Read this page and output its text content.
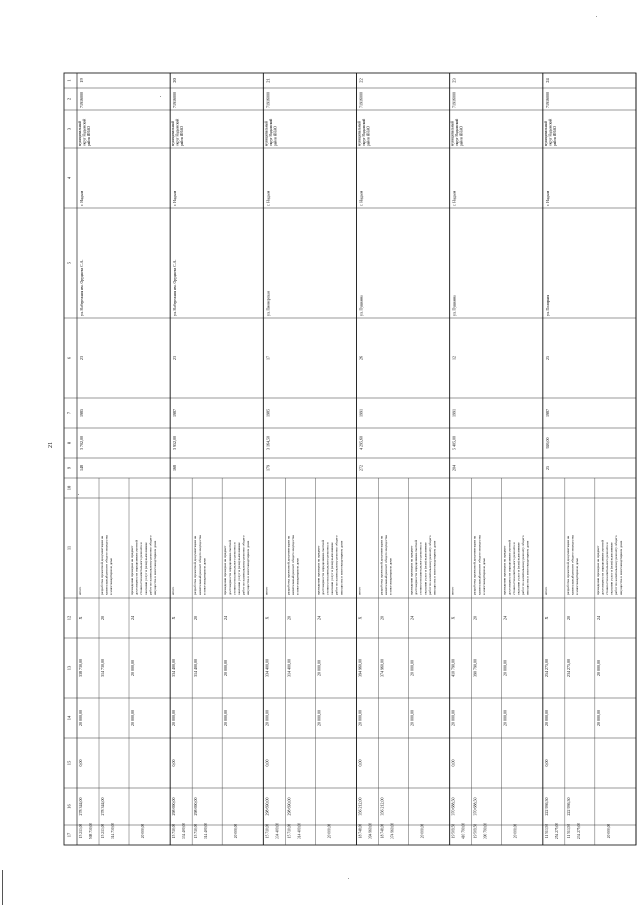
21
1
2
3
4
5
6
7
8
9
10
11
12
13
14
15
16
17
19
71916000
муниципальный округ Надымский район ЯНАО
г. Надым
ул. Набережная им. Оруджева С.А.
23
1985
3 702,00
148
итого
Х
338 730,00
20 000,00
0,00
278 344,00
15 213,00 508 730,00
разработка проектной документации на капитальный ремонт общего имущества в многоквартирном доме
20
314 730,00
278 344,00
15 213,00 314 730,00
проведение проверки на предмет достоверности определения сметной стоимости капитального ремонта и оказание услуг и (или) выполнение работ по капитальному ремонту общего имущества в многоквартирном доме
24
20 000,00
20 000,00
20 000,00
20
71916000
муниципальный округ Надымский район ЯНАО
г. Надым
ул. Набережная им. Оруджева С.А.
23
1987
3 952,00
168
итого
Х
334 400,00
20 000,00
0,00
298 690,00
15 710,00 334 400,00
разработка проектной документации на капитальный ремонт общего имущества в многоквартирном доме
20
314 400,00
298 690,00
15 710,00 314 400,00
проведение проверки на предмет достоверности определения сметной стоимости капитального ремонта и оказание услуг и (или) выполнение работ по капитальному ремонту общего имущества в многоквартирном доме
24
20 000,00
20 000,00
20 000,00
21
71916000
муниципальный округ Надымский район ЯНАО
г. Надым
ул. Пионерская
17
1985
3 164,50
179
итого
Х
334 400,00
20 000,00
0,00
298 690,00
15 710,00 334 400,00
разработка проектной документации на капитальный ремонт общего имущества в многоквартирном доме
20
314 400,00
298 690,00
15 710,00 314 400,00
проведение проверки на предмет достоверности определения сметной стоимости капитального ремонта и оказание услуг и (или) выполнение работ по капитальному ремонту общего имущества в многоквартирном доме
24
20 000,00
20 000,00
20 000,00
22
71916000
муниципальный округ Надымский район ЯНАО
г. Надым
ул. Пушкина
26
1991
4 295,60
272
итого
Х
394 960,00
20 000,00
0,00
356 212,00
18 748,00 394 960,00
разработка проектной документации на капитальный ремонт общего имущества в многоквартирном доме
20
374 960,00
356 212,00
18 748,00 374 960,00
проведение проверки на предмет достоверности определения сметной стоимости капитального ремонта и оказание услуг и (или) выполнение работ по капитальному ремонту общего имущества в многоквартирном доме
24
20 000,00
20 000,00
20 000,00
23
71916000
муниципальный округ Надымский район ЯНАО
г. Надым
ул. Пушкина
12
1991
5 405,00
204
итого
Х
410 790,00
20 000,00
0,00
370 688,50
19 509,50 410 790,00
разработка проектной документации на капитальный ремонт общего имущества в многоквартирном доме
20
390 790,00
370 688,50
19 509,50 390 790,00
проведение проверки на предмет достоверности определения сметной стоимости капитального ремонта и оказание услуг и (или) выполнение работ по капитальному ремонту общего имущества в многоквартирном доме
24
20 000,00
20 000,00
20 000,00
24
71916000
муниципальный округ Надымский район ЯНАО
г. Надым
ул. Полярная
25
1987
926,00
25
итого
Х
254 275,00
20 000,00
0,00
222 936,50
11 513,50 254 275,00
разработка проектной документации на капитальный ремонт общего имущества в многоквартирном доме
20
234 275,00
222 936,50
11 513,50 234 275,00
проведение проверки на предмет достоверности определения сметной стоимости капитального ремонта и оказание услуг и (или) выполнение работ по капитальному ремонту общего имущества в многоквартирном доме
24
20 000,00
20 000,00
20 000,00
